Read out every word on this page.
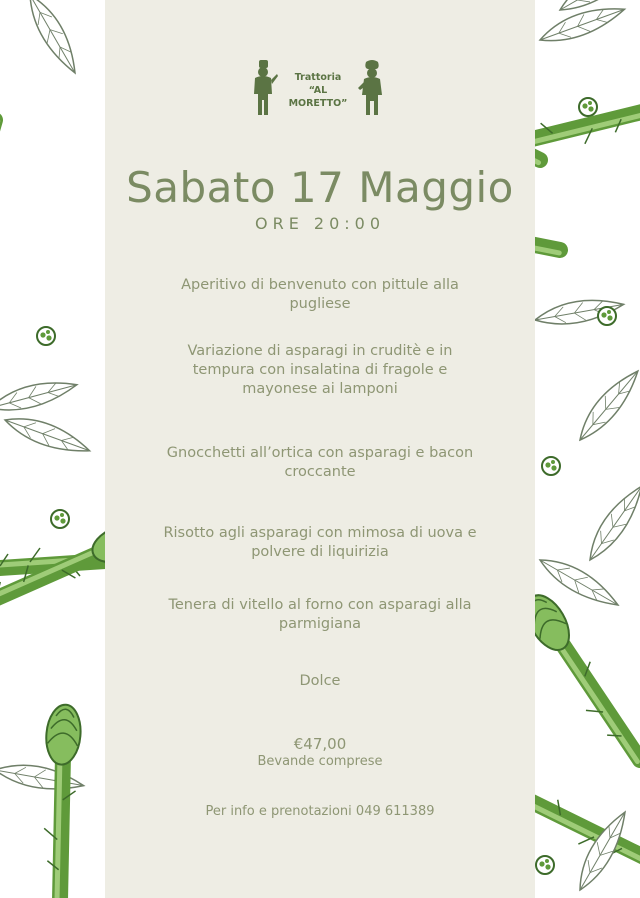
Trattoria
“AL MORETTO”
Sabato 17 Maggio
ORE 20:00
Aperitivo di benvenuto con pittule alla pugliese
Variazione di asparagi in cruditè e in tempura con insalatina di fragole e mayonese ai lamponi
Gnocchetti all’ortica con asparagi e bacon croccante
Risotto agli asparagi con mimosa di uova e polvere di liquirizia
Tenera di vitello al forno con asparagi alla parmigiana
Dolce
€47,00
Bevande comprese
Per info e prenotazioni 049 611389
